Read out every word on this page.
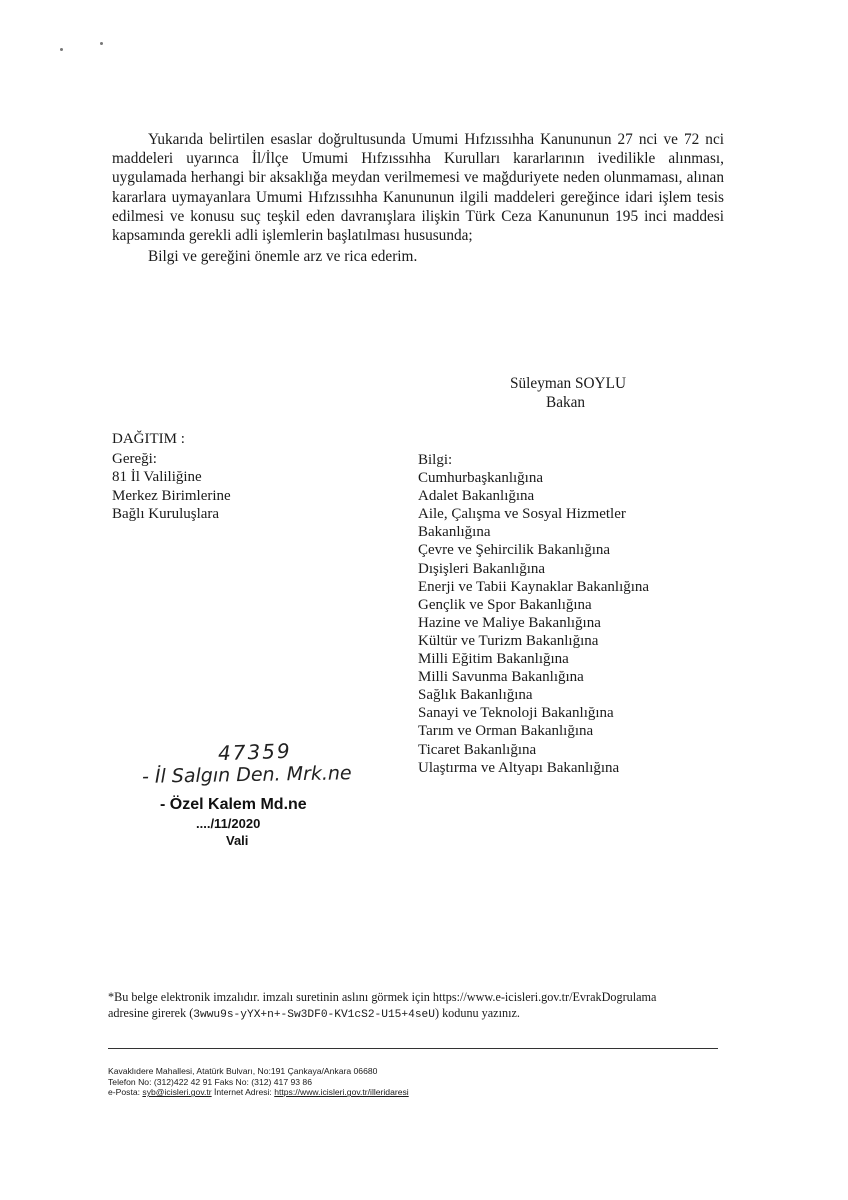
Yukarıda belirtilen esaslar doğrultusunda Umumi Hıfzıssıhha Kanununun 27 nci ve 72 nci maddeleri uyarınca İl/İlçe Umumi Hıfzıssıhha Kurulları kararlarının ivedilikle alınması, uygulamada herhangi bir aksaklığa meydan verilmemesi ve mağduriyete neden olunmaması, alınan kararlara uymayanlara Umumi Hıfzıssıhha Kanununun ilgili maddeleri gereğince idari işlem tesis edilmesi ve konusu suç teşkil eden davranışlara ilişkin Türk Ceza Kanununun 195 inci maddesi kapsamında gerekli adli işlemlerin başlatılması hususunda;

Bilgi ve gereğini önemle arz ve rica ederim.

Süleyman SOYLU
Bakan
DAĞITIM :
Gereği:
81 İl Valiliğine
Merkez Birimlerine
Bağlı Kuruluşlara
Bilgi:
Cumhurbaşkanlığına
Adalet Bakanlığına
Aile, Çalışma ve Sosyal Hizmetler
Bakanlığına
Çevre ve Şehircilik Bakanlığına
Dışişleri Bakanlığına
Enerji ve Tabii Kaynaklar Bakanlığına
Gençlik ve Spor Bakanlığına
Hazine ve Maliye Bakanlığına
Kültür ve Turizm Bakanlığına
Milli Eğitim Bakanlığına
Milli Savunma Bakanlığına
Sağlık Bakanlığına
Sanayi ve Teknoloji Bakanlığına
Tarım ve Orman Bakanlığına
Ticaret Bakanlığına
Ulaştırma ve Altyapı Bakanlığına
47359
- İl Salgın Den. Mrk.ne
- Özel Kalem Md.ne
..../11/2020
Vali

*Bu belge elektronik imzalıdır. imzalı suretinin aslını görmek için https://www.e-icisleri.gov.tr/EvrakDogrulama

adresine girerek (3wwu9s-yYX+n+-Sw3DF0-KV1cS2-U15+4seU) kodunu yazınız.

Kavaklıdere Mahallesi, Atatürk Bulvarı, No:191 Çankaya/Ankara 06680

Telefon No: (312)422 42 91 Faks No: (312) 417 93 86

e-Posta: syb@icisleri.gov.tr İnternet Adresi: https://www.icisleri.gov.tr/illeridaresi
